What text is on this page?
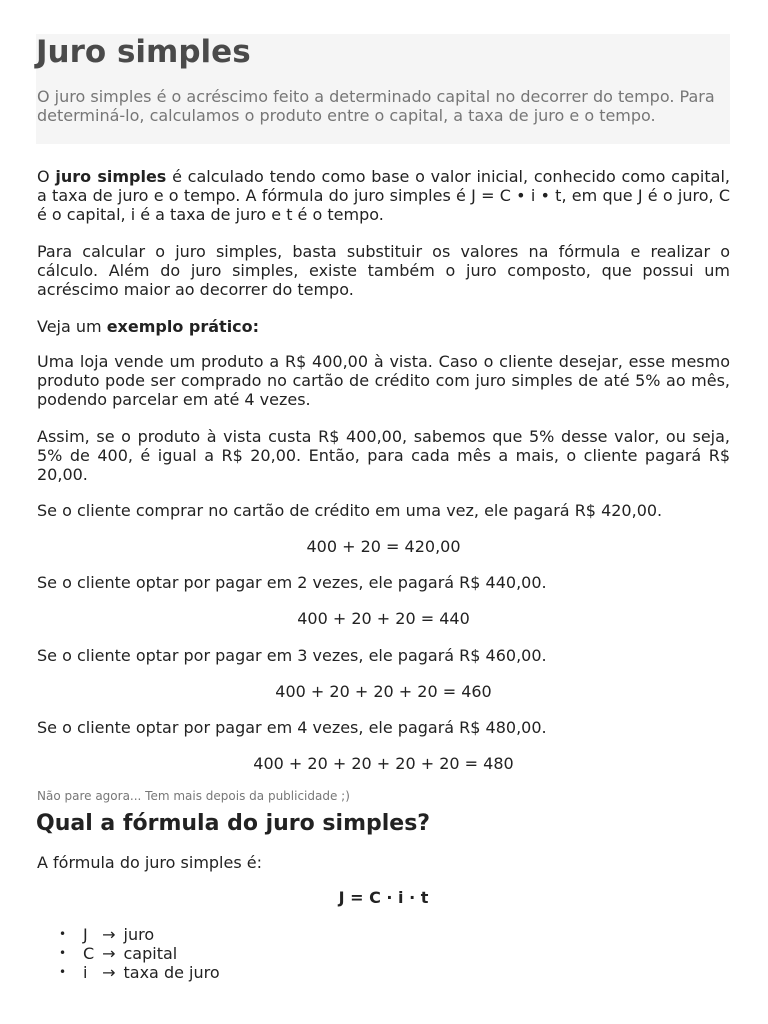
Juro simples

O juro simples é o acréscimo feito a determinado capital no decorrer do tempo. Para determiná-lo, calculamos o produto entre o capital, a taxa de juro e o tempo.

O juro simples é calculado tendo como base o valor inicial, conhecido como capital, a taxa de juro e o tempo. A fórmula do juro simples é J = C • i • t, em que J é o juro, C é o capital, i é a taxa de juro e t é o tempo.

Para calcular o juro simples, basta substituir os valores na fórmula e realizar o cálculo. Além do juro simples, existe também o juro composto, que possui um acréscimo maior ao decorrer do tempo.

Veja um exemplo prático:

Uma loja vende um produto a R$ 400,00 à vista. Caso o cliente desejar, esse mesmo produto pode ser comprado no cartão de crédito com juro simples de até 5% ao mês, podendo parcelar em até 4 vezes.

Assim, se o produto à vista custa R$ 400,00, sabemos que 5% desse valor, ou seja, 5% de 400, é igual a R$ 20,00. Então, para cada mês a mais, o cliente pagará R$ 20,00.

Se o cliente comprar no cartão de crédito em uma vez, ele pagará R$ 420,00.

400 + 20 = 420,00

Se o cliente optar por pagar em 2 vezes, ele pagará R$ 440,00.

400 + 20 + 20 = 440

Se o cliente optar por pagar em 3 vezes, ele pagará R$ 460,00.

400 + 20 + 20 + 20 = 460

Se o cliente optar por pagar em 4 vezes, ele pagará R$ 480,00.

400 + 20 + 20 + 20 + 20 = 480

Não pare agora... Tem mais depois da publicidade ;)

Qual a fórmula do juro simples?

A fórmula do juro simples é:

J = C · i · t

• J → juro
• C → capital
• i → taxa de juro
